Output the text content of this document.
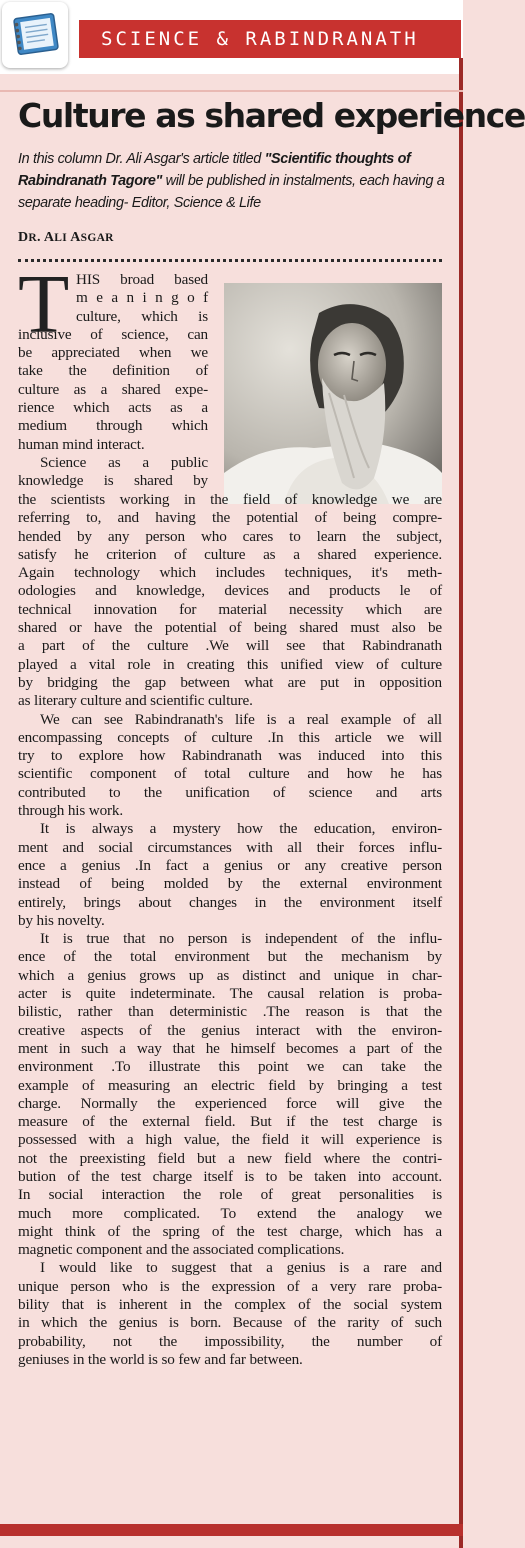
SCIENCE & RABINDRANATH
Culture as shared experience

In this column Dr. Ali Asgar's article titled "Scientific thoughts of Rabindranath Tagore" will be published in instalments, each having a separate heading- Editor, Science & Life

DR. ALI ASGAR
T HIS broad based
m e a n i n g o f
culture, which is
inclusive of science, can
be appreciated when we
take the definition of
culture as a shared expe-
rience which acts as a
medium through which
human mind interact.
Science as a public
knowledge is shared by
the scientists working in the field of knowledge we are
referring to, and having the potential of being compre-
hended by any person who cares to learn the subject,
satisfy he criterion of culture as a shared experience.
Again technology which includes techniques, it's meth-
odologies and knowledge, devices and products le of
technical innovation for material necessity which are
shared or have the potential of being shared must also be
a part of the culture .We will see that Rabindranath
played a vital role in creating this unified view of culture
by bridging the gap between what are put in opposition
as literary culture and scientific culture.
We can see Rabindranath's life is a real example of all
encompassing concepts of culture .In this article we will
try to explore how Rabindranath was induced into this
scientific component of total culture and how he has
contributed to the unification of science and arts
through his work.
It is always a mystery how the education, environ-
ment and social circumstances with all their forces influ-
ence a genius .In fact a genius or any creative person
instead of being molded by the external environment
entirely, brings about changes in the environment itself
by his novelty.
It is true that no person is independent of the influ-
ence of the total environment but the mechanism by
which a genius grows up as distinct and unique in char-
acter is quite indeterminate. The causal relation is proba-
bilistic, rather than deterministic .The reason is that the
creative aspects of the genius interact with the environ-
ment in such a way that he himself becomes a part of the
environment .To illustrate this point we can take the
example of measuring an electric field by bringing a test
charge. Normally the experienced force will give the
measure of the external field. But if the test charge is
possessed with a high value, the field it will experience is
not the preexisting field but a new field where the contri-
bution of the test charge itself is to be taken into account.
In social interaction the role of great personalities is
much more complicated. To extend the analogy we
might think of the spring of the test charge, which has a
magnetic component and the associated complications.
I would like to suggest that a genius is a rare and
unique person who is the expression of a very rare proba-
bility that is inherent in the complex of the social system
in which the genius is born. Because of the rarity of such
probability, not the impossibility, the number of
geniuses in the world is so few and far between.
